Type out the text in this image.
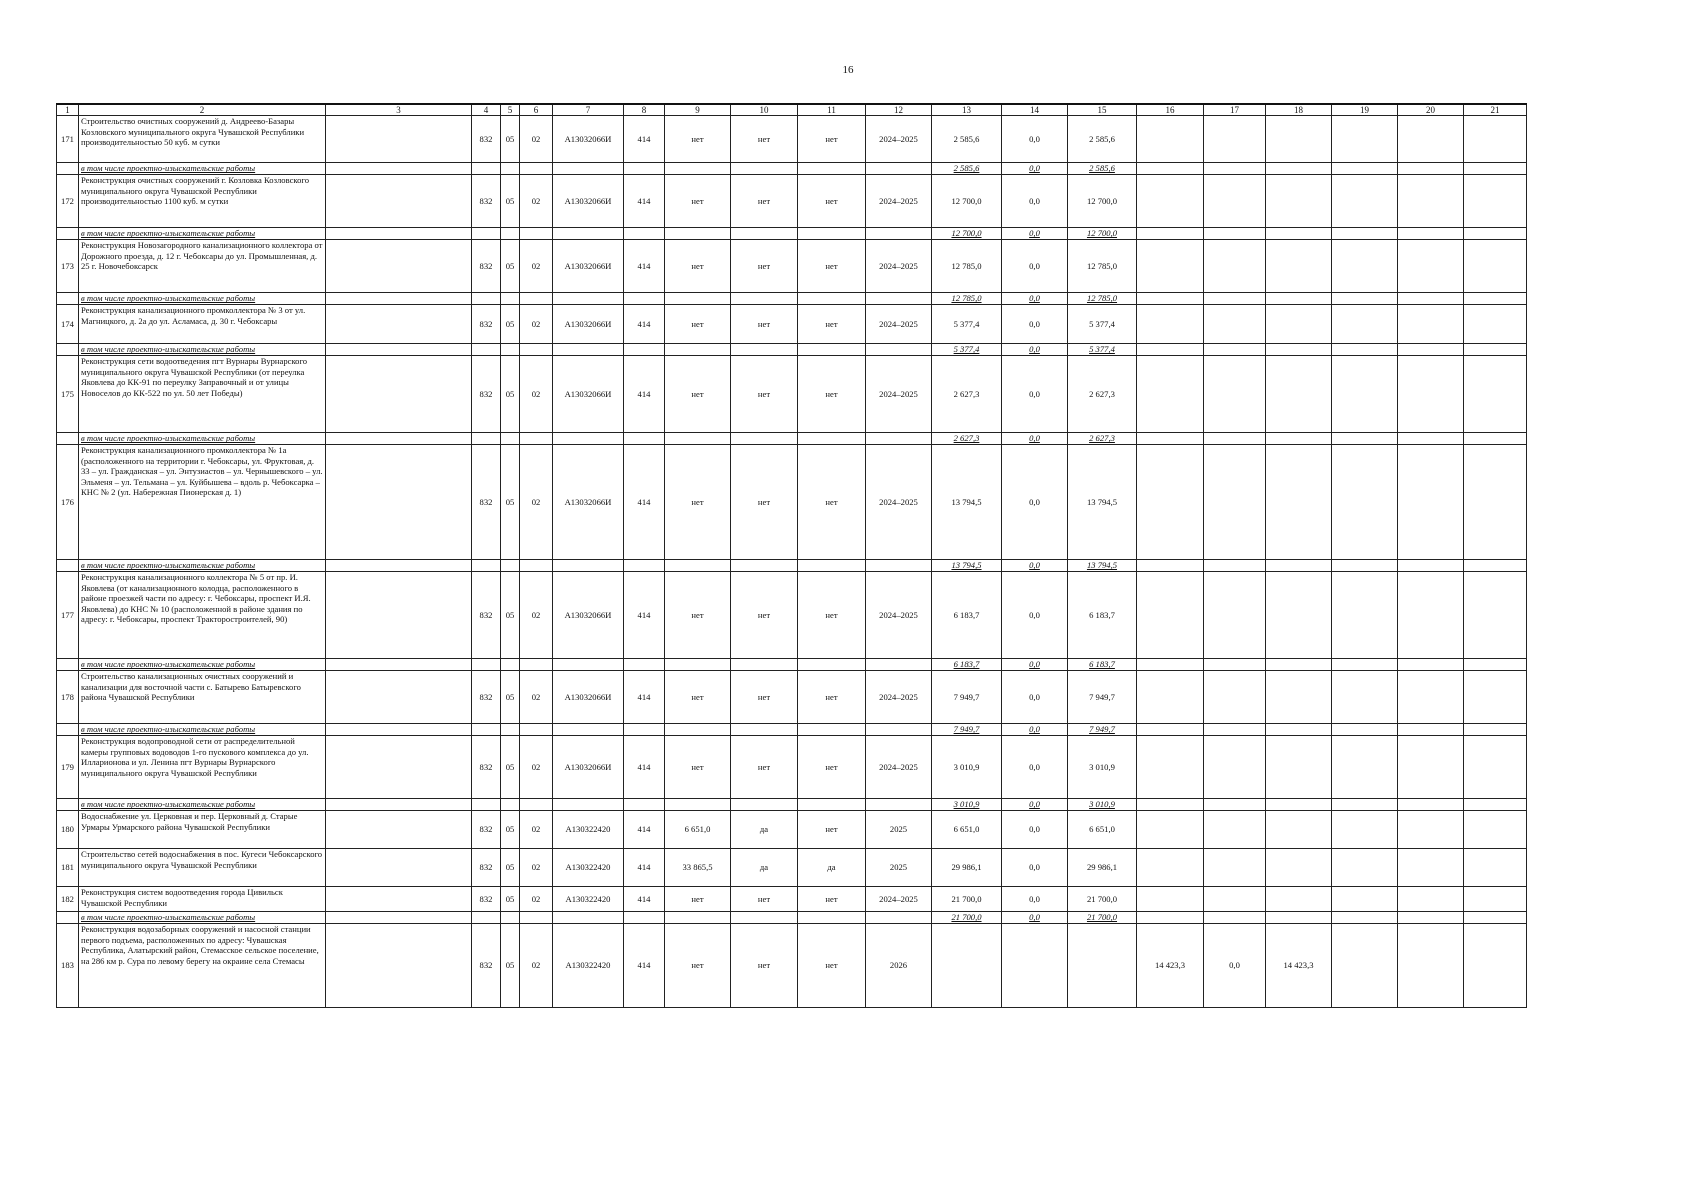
16
1	2	3	4	5	6	7	8	9	10	11	12	13	14	15	16	17	18	19	20	21
171	Строительство очистных сооружений д. Андреево-Базары Козловского муниципального округа Чувашской Республики производительностью 50 куб. м сутки		832	05	02	А13032066И	414	нет	нет	нет	2024–2025	2 585,6	0,0	2 585,6						
	в том числе проектно-изыскательские работы											2 585,6	0,0	2 585,6						
172	Реконструкция очистных сооружений г. Козловка Козловского муниципального округа Чувашской Республики производительностью 1100 куб. м сутки		832	05	02	А13032066И	414	нет	нет	нет	2024–2025	12 700,0	0,0	12 700,0						
	в том числе проектно-изыскательские работы											12 700,0	0,0	12 700,0						
173	Реконструкция Новозагородного канализационного коллектора от Дорожного проезда, д. 12 г. Чебоксары до ул. Промышленная, д. 25 г. Новочебоксарск		832	05	02	А13032066И	414	нет	нет	нет	2024–2025	12 785,0	0,0	12 785,0						
	в том числе проектно-изыскательские работы											12 785,0	0,0	12 785,0						
174	Реконструкция канализационного промколлектора № 3 от ул. Магницкого, д. 2а до ул. Асламаса, д. 30 г. Чебоксары		832	05	02	А13032066И	414	нет	нет	нет	2024–2025	5 377,4	0,0	5 377,4						
	в том числе проектно-изыскательские работы											5 377,4	0,0	5 377,4						
175	Реконструкция сети водоотведения пгт Вурнары Вурнарского муниципального округа Чувашской Республики (от переулка Яковлева до КК-91 по переулку Заправочный и от улицы Новоселов до КК-522 по ул. 50 лет Победы)		832	05	02	А13032066И	414	нет	нет	нет	2024–2025	2 627,3	0,0	2 627,3						
	в том числе проектно-изыскательские работы											2 627,3	0,0	2 627,3						
176	Реконструкция канализационного промколлектора № 1а (расположенного на территории г. Чебоксары, ул. Фруктовая, д. 33 – ул. Гражданская – ул. Энтузиастов – ул. Чернышевского – ул. Эльменя – ул. Тельмана – ул. Куйбышева – вдоль р. Чебоксарка – КНС № 2 (ул. Набережная Пионерская д. 1)		832	05	02	А13032066И	414	нет	нет	нет	2024–2025	13 794,5	0,0	13 794,5						
	в том числе проектно-изыскательские работы											13 794,5	0,0	13 794,5						
177	Реконструкция канализационного коллектора № 5 от пр. И. Яковлева (от канализационного колодца, расположенного в районе проезжей части по адресу: г. Чебоксары, проспект И.Я. Яковлева) до КНС № 10 (расположенной в районе здания по адресу: г. Чебоксары, проспект Тракторостроителей, 90)		832	05	02	А13032066И	414	нет	нет	нет	2024–2025	6 183,7	0,0	6 183,7						
	в том числе проектно-изыскательские работы											6 183,7	0,0	6 183,7						
178	Строительство канализационных очистных сооружений и канализации для восточной части с. Батырево Батыревского района Чувашской Республики		832	05	02	А13032066И	414	нет	нет	нет	2024–2025	7 949,7	0,0	7 949,7						
	в том числе проектно-изыскательские работы											7 949,7	0,0	7 949,7						
179	Реконструкция водопроводной сети от распределительной камеры групповых водоводов 1-го пускового комплекса до ул. Илларионова и ул. Ленина пгт Вурнары Вурнарского муниципального округа Чувашской Республики		832	05	02	А13032066И	414	нет	нет	нет	2024–2025	3 010,9	0,0	3 010,9						
	в том числе проектно-изыскательские работы											3 010,9	0,0	3 010,9						
180	Водоснабжение ул. Церковная и пер. Церковный д. Старые Урмары Урмарского района Чувашской Республики		832	05	02	А130322420	414	6 651,0	да	нет	2025	6 651,0	0,0	6 651,0						
181	Строительство сетей водоснабжения в пос. Кугеси Чебоксарского муниципального округа Чувашской Республики		832	05	02	А130322420	414	33 865,5	да	да	2025	29 986,1	0,0	29 986,1						
182	Реконструкция систем водоотведения города Цивильск Чувашской Республики		832	05	02	А130322420	414	нет	нет	нет	2024–2025	21 700,0	0,0	21 700,0						
	в том числе проектно-изыскательские работы											21 700,0	0,0	21 700,0						
183	Реконструкция водозаборных сооружений и насосной станции первого подъема, расположенных по адресу: Чувашская Республика, Алатырский район, Стемасское сельское поселение, на 286 км р. Сура по левому берегу на окраине села Стемасы		832	05	02	А130322420	414	нет	нет	нет	2026				14 423,3	0,0	14 423,3			
